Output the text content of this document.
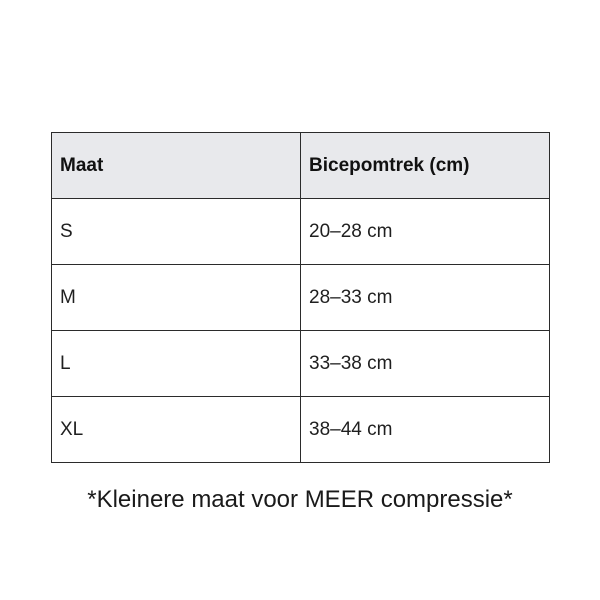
Maat	Bicepomtrek (cm)
S	20–28 cm
M	28–33 cm
L	33–38 cm
XL	38–44 cm
*Kleinere maat voor MEER compressie*
